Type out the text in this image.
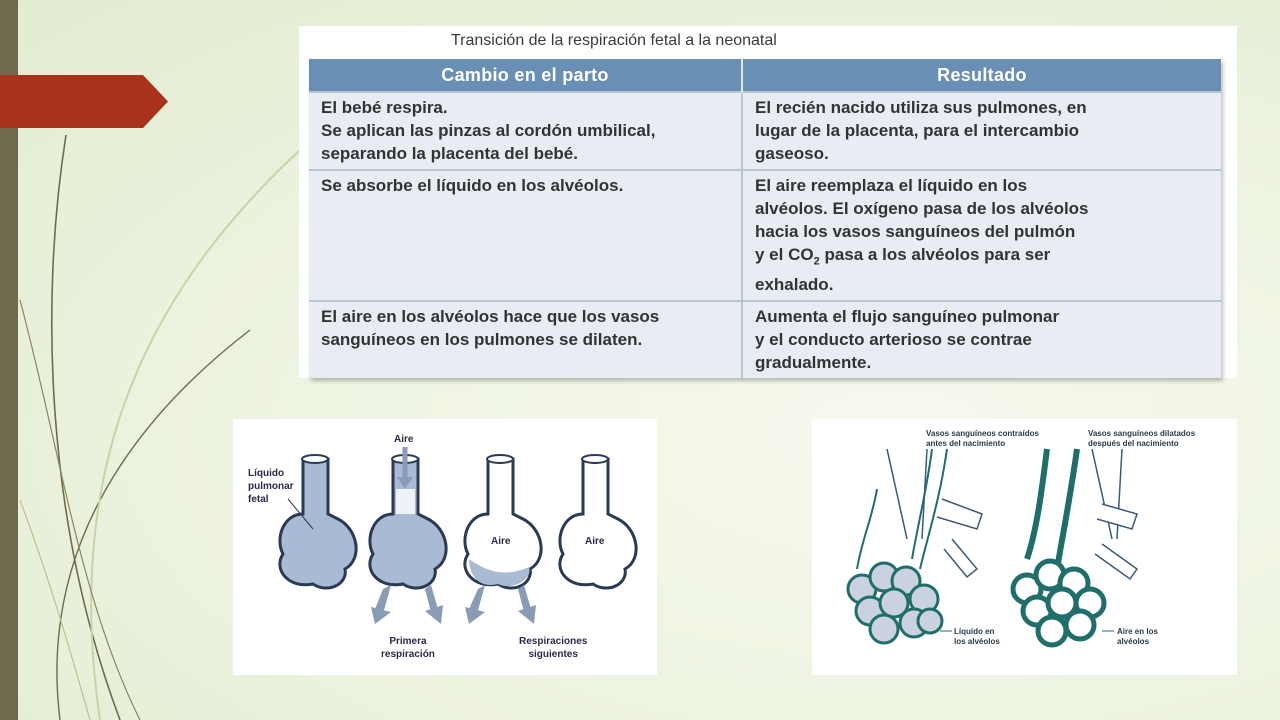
Transición de la respiración fetal a la neonatal
Cambio en el parto	Resultado
El bebé respira.
Se aplican las pinzas al cordón umbilical,
separando la placenta del bebé.	El recién nacido utiliza sus pulmones, en
lugar de la placenta, para el intercambio
gaseoso.
Se absorbe el líquido en los alvéolos.	El aire reemplaza el líquido en los
alvéolos. El oxígeno pasa de los alvéolos
hacia los vasos sanguíneos del pulmón
y el $CO_2$ pasa a los alvéolos para ser
exhalado.
El aire en los alvéolos hace que los vasos
sanguíneos en los pulmones se dilaten.	Aumenta el flujo sanguíneo pulmonar
y el conducto arterioso se contrae
gradualmente.
Líquido
pulmonar
fetal
Aire
Aire	Aire
Primera
respiración
Respiraciones
siguientes
Vasos sanguíneos contraídos
antes del nacimiento
Vasos sanguíneos dilatados
después del nacimiento
Líquido en
los alvéolos
Aire en los
alvéolos
